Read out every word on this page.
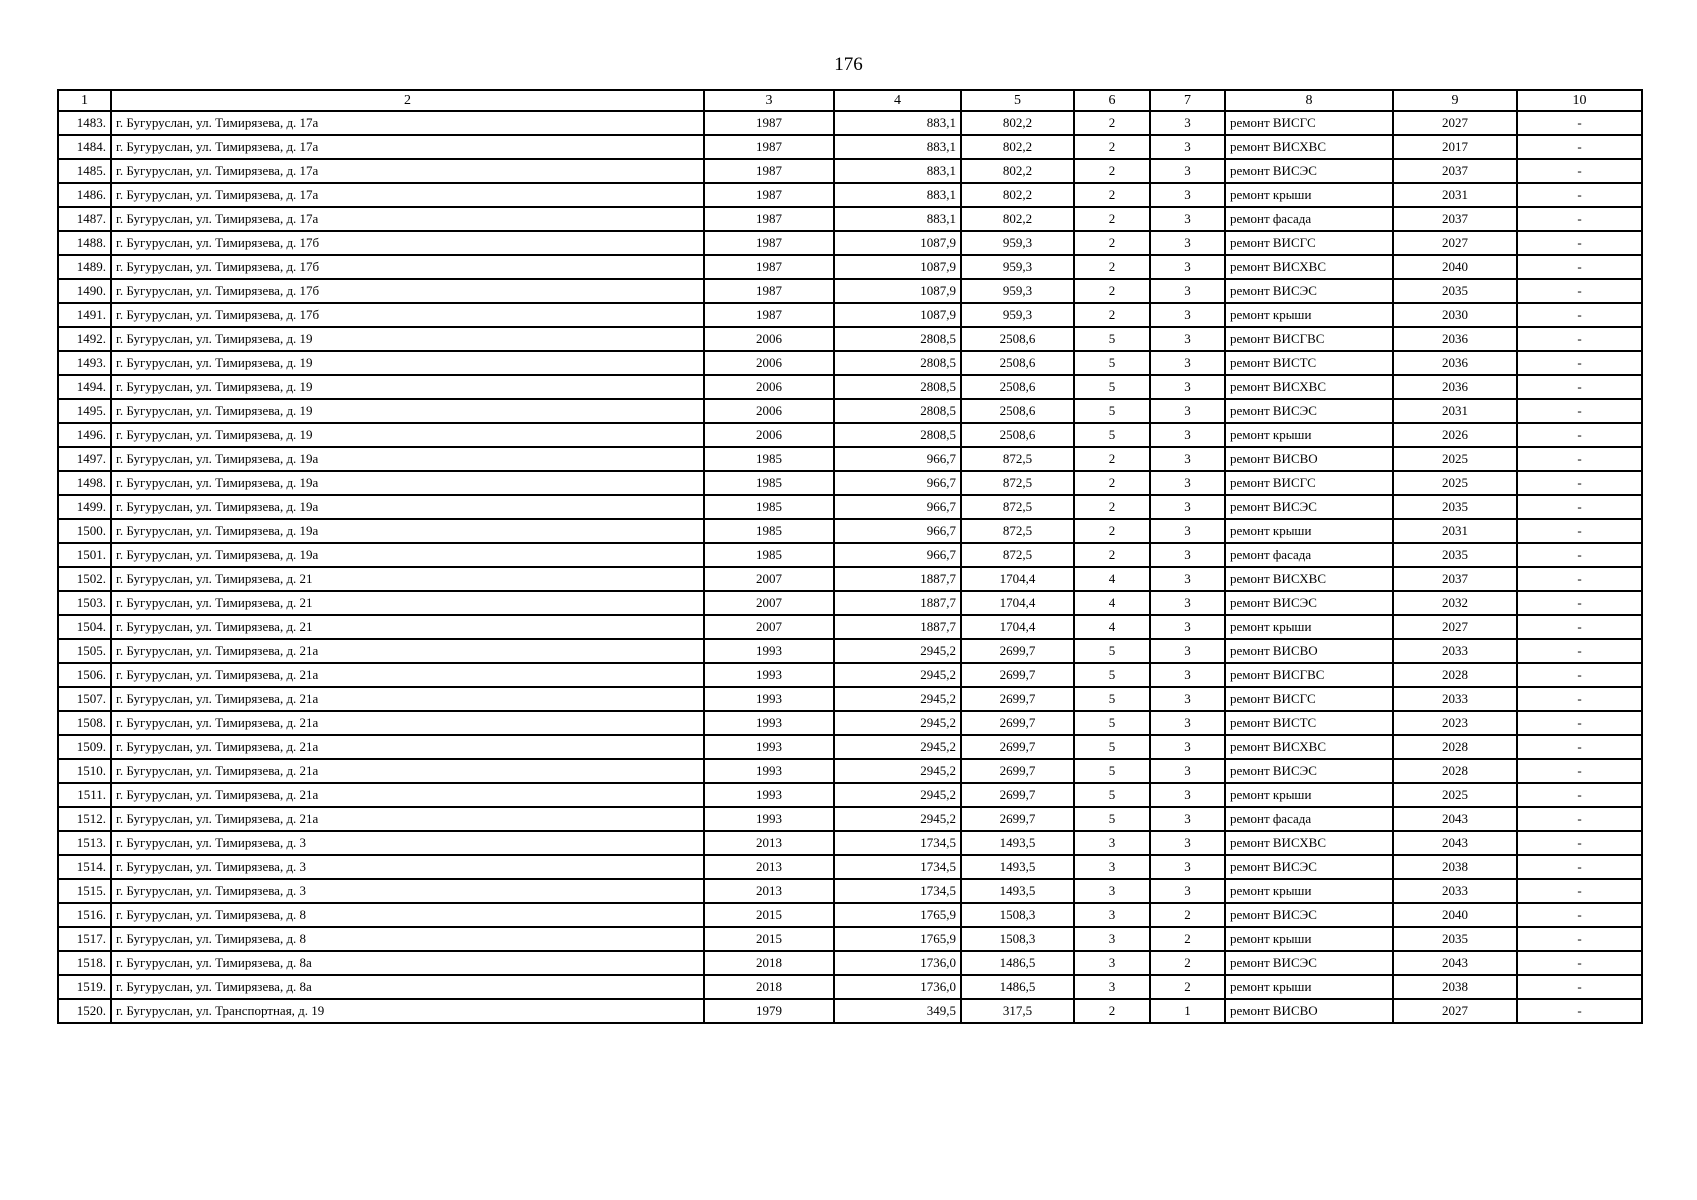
176
1	2	3	4	5	6	7	8	9	10
1483.	г. Бугуруслан, ул. Тимирязева, д. 17а	1987	883,1	802,2	2	3	ремонт ВИСГС	2027	-
1484.	г. Бугуруслан, ул. Тимирязева, д. 17а	1987	883,1	802,2	2	3	ремонт ВИСХВС	2017	-
1485.	г. Бугуруслан, ул. Тимирязева, д. 17а	1987	883,1	802,2	2	3	ремонт ВИСЭС	2037	-
1486.	г. Бугуруслан, ул. Тимирязева, д. 17а	1987	883,1	802,2	2	3	ремонт крыши	2031	-
1487.	г. Бугуруслан, ул. Тимирязева, д. 17а	1987	883,1	802,2	2	3	ремонт фасада	2037	-
1488.	г. Бугуруслан, ул. Тимирязева, д. 17б	1987	1087,9	959,3	2	3	ремонт ВИСГС	2027	-
1489.	г. Бугуруслан, ул. Тимирязева, д. 17б	1987	1087,9	959,3	2	3	ремонт ВИСХВС	2040	-
1490.	г. Бугуруслан, ул. Тимирязева, д. 17б	1987	1087,9	959,3	2	3	ремонт ВИСЭС	2035	-
1491.	г. Бугуруслан, ул. Тимирязева, д. 17б	1987	1087,9	959,3	2	3	ремонт крыши	2030	-
1492.	г. Бугуруслан, ул. Тимирязева, д. 19	2006	2808,5	2508,6	5	3	ремонт ВИСГВС	2036	-
1493.	г. Бугуруслан, ул. Тимирязева, д. 19	2006	2808,5	2508,6	5	3	ремонт ВИСТС	2036	-
1494.	г. Бугуруслан, ул. Тимирязева, д. 19	2006	2808,5	2508,6	5	3	ремонт ВИСХВС	2036	-
1495.	г. Бугуруслан, ул. Тимирязева, д. 19	2006	2808,5	2508,6	5	3	ремонт ВИСЭС	2031	-
1496.	г. Бугуруслан, ул. Тимирязева, д. 19	2006	2808,5	2508,6	5	3	ремонт крыши	2026	-
1497.	г. Бугуруслан, ул. Тимирязева, д. 19а	1985	966,7	872,5	2	3	ремонт ВИСВО	2025	-
1498.	г. Бугуруслан, ул. Тимирязева, д. 19а	1985	966,7	872,5	2	3	ремонт ВИСГС	2025	-
1499.	г. Бугуруслан, ул. Тимирязева, д. 19а	1985	966,7	872,5	2	3	ремонт ВИСЭС	2035	-
1500.	г. Бугуруслан, ул. Тимирязева, д. 19а	1985	966,7	872,5	2	3	ремонт крыши	2031	-
1501.	г. Бугуруслан, ул. Тимирязева, д. 19а	1985	966,7	872,5	2	3	ремонт фасада	2035	-
1502.	г. Бугуруслан, ул. Тимирязева, д. 21	2007	1887,7	1704,4	4	3	ремонт ВИСХВС	2037	-
1503.	г. Бугуруслан, ул. Тимирязева, д. 21	2007	1887,7	1704,4	4	3	ремонт ВИСЭС	2032	-
1504.	г. Бугуруслан, ул. Тимирязева, д. 21	2007	1887,7	1704,4	4	3	ремонт крыши	2027	-
1505.	г. Бугуруслан, ул. Тимирязева, д. 21а	1993	2945,2	2699,7	5	3	ремонт ВИСВО	2033	-
1506.	г. Бугуруслан, ул. Тимирязева, д. 21а	1993	2945,2	2699,7	5	3	ремонт ВИСГВС	2028	-
1507.	г. Бугуруслан, ул. Тимирязева, д. 21а	1993	2945,2	2699,7	5	3	ремонт ВИСГС	2033	-
1508.	г. Бугуруслан, ул. Тимирязева, д. 21а	1993	2945,2	2699,7	5	3	ремонт ВИСТС	2023	-
1509.	г. Бугуруслан, ул. Тимирязева, д. 21а	1993	2945,2	2699,7	5	3	ремонт ВИСХВС	2028	-
1510.	г. Бугуруслан, ул. Тимирязева, д. 21а	1993	2945,2	2699,7	5	3	ремонт ВИСЭС	2028	-
1511.	г. Бугуруслан, ул. Тимирязева, д. 21а	1993	2945,2	2699,7	5	3	ремонт крыши	2025	-
1512.	г. Бугуруслан, ул. Тимирязева, д. 21а	1993	2945,2	2699,7	5	3	ремонт фасада	2043	-
1513.	г. Бугуруслан, ул. Тимирязева, д. 3	2013	1734,5	1493,5	3	3	ремонт ВИСХВС	2043	-
1514.	г. Бугуруслан, ул. Тимирязева, д. 3	2013	1734,5	1493,5	3	3	ремонт ВИСЭС	2038	-
1515.	г. Бугуруслан, ул. Тимирязева, д. 3	2013	1734,5	1493,5	3	3	ремонт крыши	2033	-
1516.	г. Бугуруслан, ул. Тимирязева, д. 8	2015	1765,9	1508,3	3	2	ремонт ВИСЭС	2040	-
1517.	г. Бугуруслан, ул. Тимирязева, д. 8	2015	1765,9	1508,3	3	2	ремонт крыши	2035	-
1518.	г. Бугуруслан, ул. Тимирязева, д. 8а	2018	1736,0	1486,5	3	2	ремонт ВИСЭС	2043	-
1519.	г. Бугуруслан, ул. Тимирязева, д. 8а	2018	1736,0	1486,5	3	2	ремонт крыши	2038	-
1520.	г. Бугуруслан, ул. Транспортная, д. 19	1979	349,5	317,5	2	1	ремонт ВИСВО	2027	-
